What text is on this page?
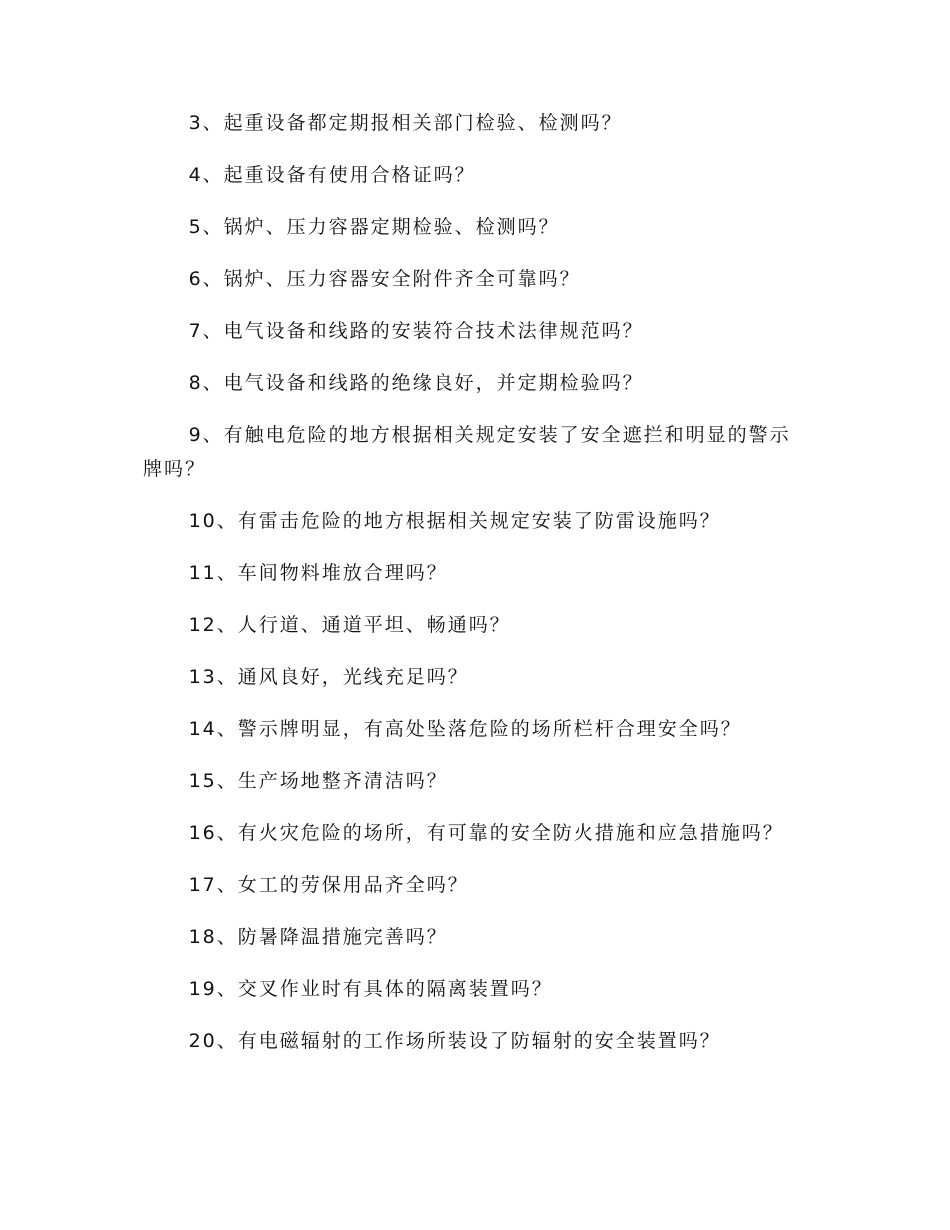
3、起重设备都定期报相关部门检验、检测吗？

4、起重设备有使用合格证吗？

5、锅炉、压力容器定期检验、检测吗？

6、锅炉、压力容器安全附件齐全可靠吗？

7、电气设备和线路的安装符合技术法律规范吗？

8、电气设备和线路的绝缘良好，并定期检验吗？

9、有触电危险的地方根据相关规定安装了安全遮拦和明显的警示牌吗？

10、有雷击危险的地方根据相关规定安装了防雷设施吗？

11、车间物料堆放合理吗？

12、人行道、通道平坦、畅通吗？

13、通风良好，光线充足吗？

14、警示牌明显，有高处坠落危险的场所栏杆合理安全吗？

15、生产场地整齐清洁吗？

16、有火灾危险的场所，有可靠的安全防火措施和应急措施吗？

17、女工的劳保用品齐全吗？

18、防暑降温措施完善吗？

19、交叉作业时有具体的隔离装置吗？

20、有电磁辐射的工作场所装设了防辐射的安全装置吗？
